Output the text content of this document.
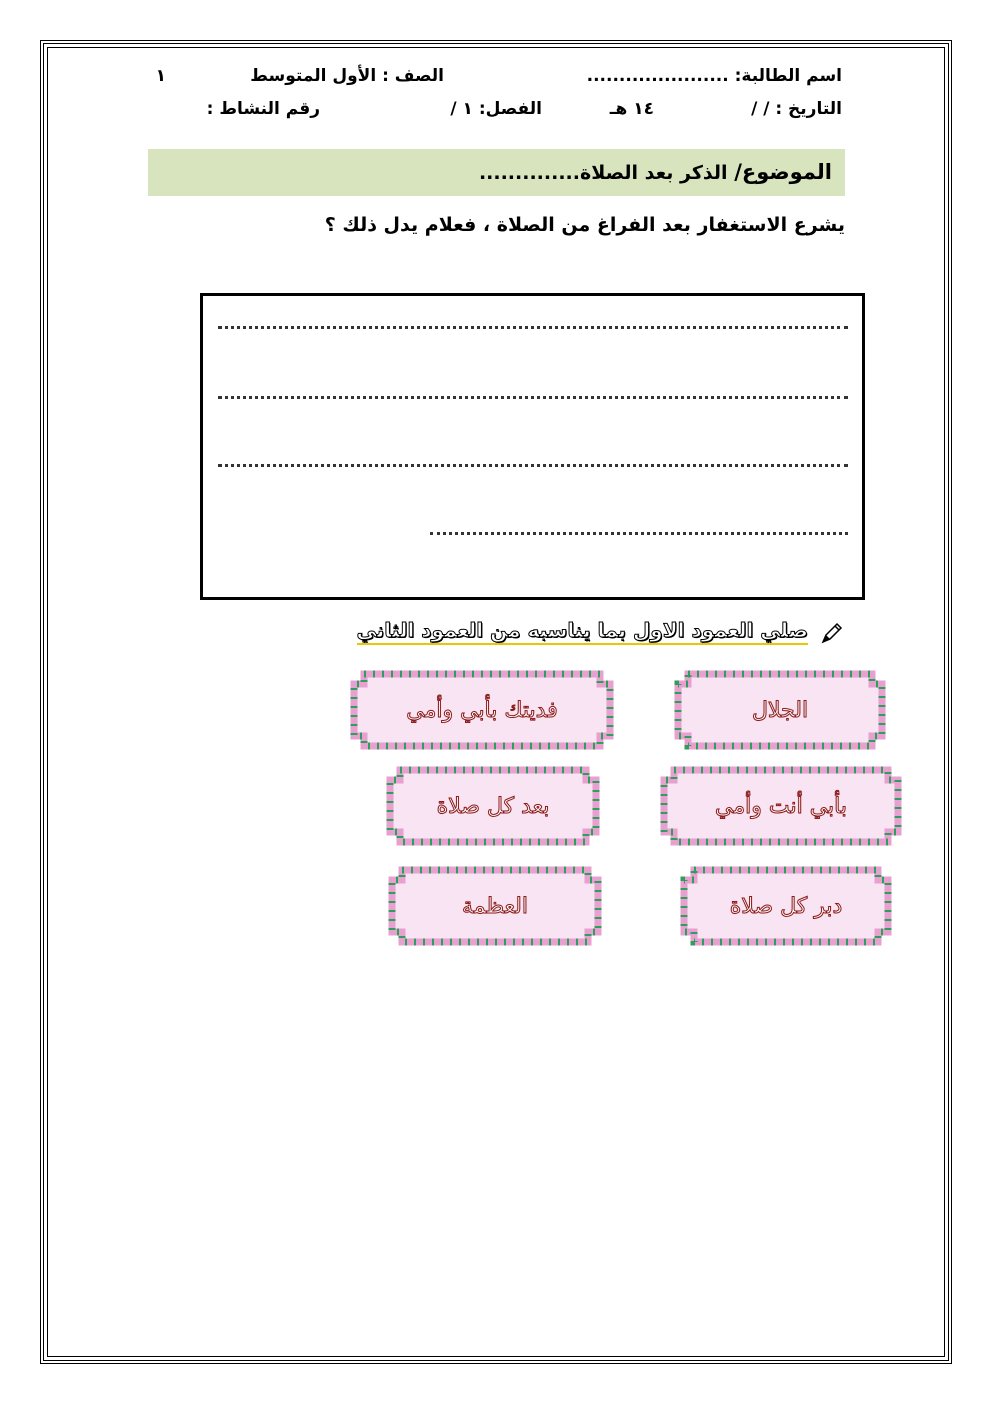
اسم الطالبة: ......................
الصف : الأول المتوسط
١
التاريخ : / /
١٤ هـ
الفصل: ١ /
رقم النشاط :
الموضوع/ الذكر بعد الصلاة..............
يشرع الاستغفار بعد الفراغ من الصلاة ، فعلام يدل ذلك ؟
صلي العمود الاول بما يناسبه من العمود الثاني
الجلال
بأبي أنت وأمي
دبر كل صلاة
فديتك بأبي وأمي
بعد كل صلاة
العظمة
